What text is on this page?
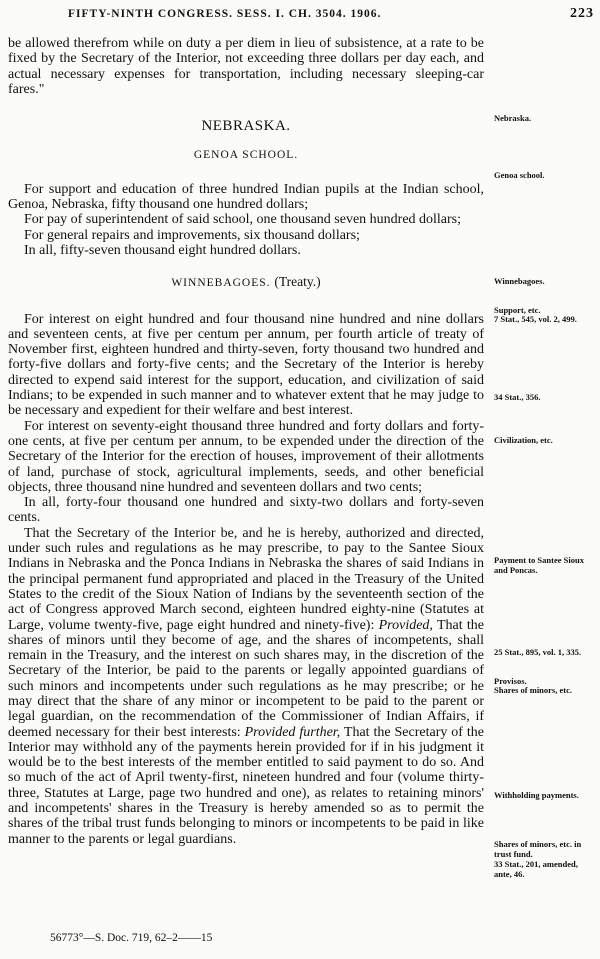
FIFTY-NINTH CONGRESS. SESS. I. CH. 3504. 1906.	223

be allowed therefrom while on duty a per diem in lieu of subsistence, at a rate to be fixed by the Secretary of the Interior, not exceeding three dollars per day each, and actual necessary expenses for transportation, including necessary sleeping-car fares."

NEBRASKA.
GENOA SCHOOL.

For support and education of three hundred Indian pupils at the Indian school, Genoa, Nebraska, fifty thousand one hundred dollars;

For pay of superintendent of said school, one thousand seven hundred dollars;

For general repairs and improvements, six thousand dollars;

In all, fifty-seven thousand eight hundred dollars.

WINNEBAGOES. (Treaty.)

For interest on eight hundred and four thousand nine hundred and nine dollars and seventeen cents, at five per centum per annum, per fourth article of treaty of November first, eighteen hundred and thirty-seven, forty thousand two hundred and forty-five dollars and forty-five cents; and the Secretary of the Interior is hereby directed to expend said interest for the support, education, and civilization of said Indians; to be expended in such manner and to whatever extent that he may judge to be necessary and expedient for their welfare and best interest.

For interest on seventy-eight thousand three hundred and forty dollars and forty-one cents, at five per centum per annum, to be expended under the direction of the Secretary of the Interior for the erection of houses, improvement of their allotments of land, purchase of stock, agricultural implements, seeds, and other beneficial objects, three thousand nine hundred and seventeen dollars and two cents;

In all, forty-four thousand one hundred and sixty-two dollars and forty-seven cents.

That the Secretary of the Interior be, and he is hereby, authorized and directed, under such rules and regulations as he may prescribe, to pay to the Santee Sioux Indians in Nebraska and the Ponca Indians in Nebraska the shares of said Indians in the principal permanent fund appropriated and placed in the Treasury of the United States to the credit of the Sioux Nation of Indians by the seventeenth section of the act of Congress approved March second, eighteen hundred eighty-nine (Statutes at Large, volume twenty-five, page eight hundred and ninety-five): Provided, That the shares of minors until they become of age, and the shares of incompetents, shall remain in the Treasury, and the interest on such shares may, in the discretion of the Secretary of the Interior, be paid to the parents or legally appointed guardians of such minors and incompetents under such regulations as he may prescribe; or he may direct that the share of any minor or incompetent to be paid to the parent or legal guardian, on the recommendation of the Commissioner of Indian Affairs, if deemed necessary for their best interests: Provided further, That the Secretary of the Interior may withhold any of the payments herein provided for if in his judgment it would be to the best interests of the member entitled to said payment to do so. And so much of the act of April twenty-first, nineteen hundred and four (volume thirty-three, Statutes at Large, page two hundred and one), as relates to retaining minors' and incompetents' shares in the Treasury is hereby amended so as to permit the shares of the tribal trust funds belonging to minors or incompetents to be paid in like manner to the parents or legal guardians.

Nebraska.
Genoa school.
Winnebagoes.
Support, etc.
7 Stat., 545, vol. 2, 499.
34 Stat., 356.
Civilization, etc.
Payment to Santee Sioux and Poncas.
25 Stat., 895, vol. 1, 335.
Provisos.
Shares of minors, etc.
Withholding payments.
Shares of minors, etc. in trust fund.
33 Stat., 201, amended, ante, 46.
56773°—S. Doc. 719, 62–2——15
